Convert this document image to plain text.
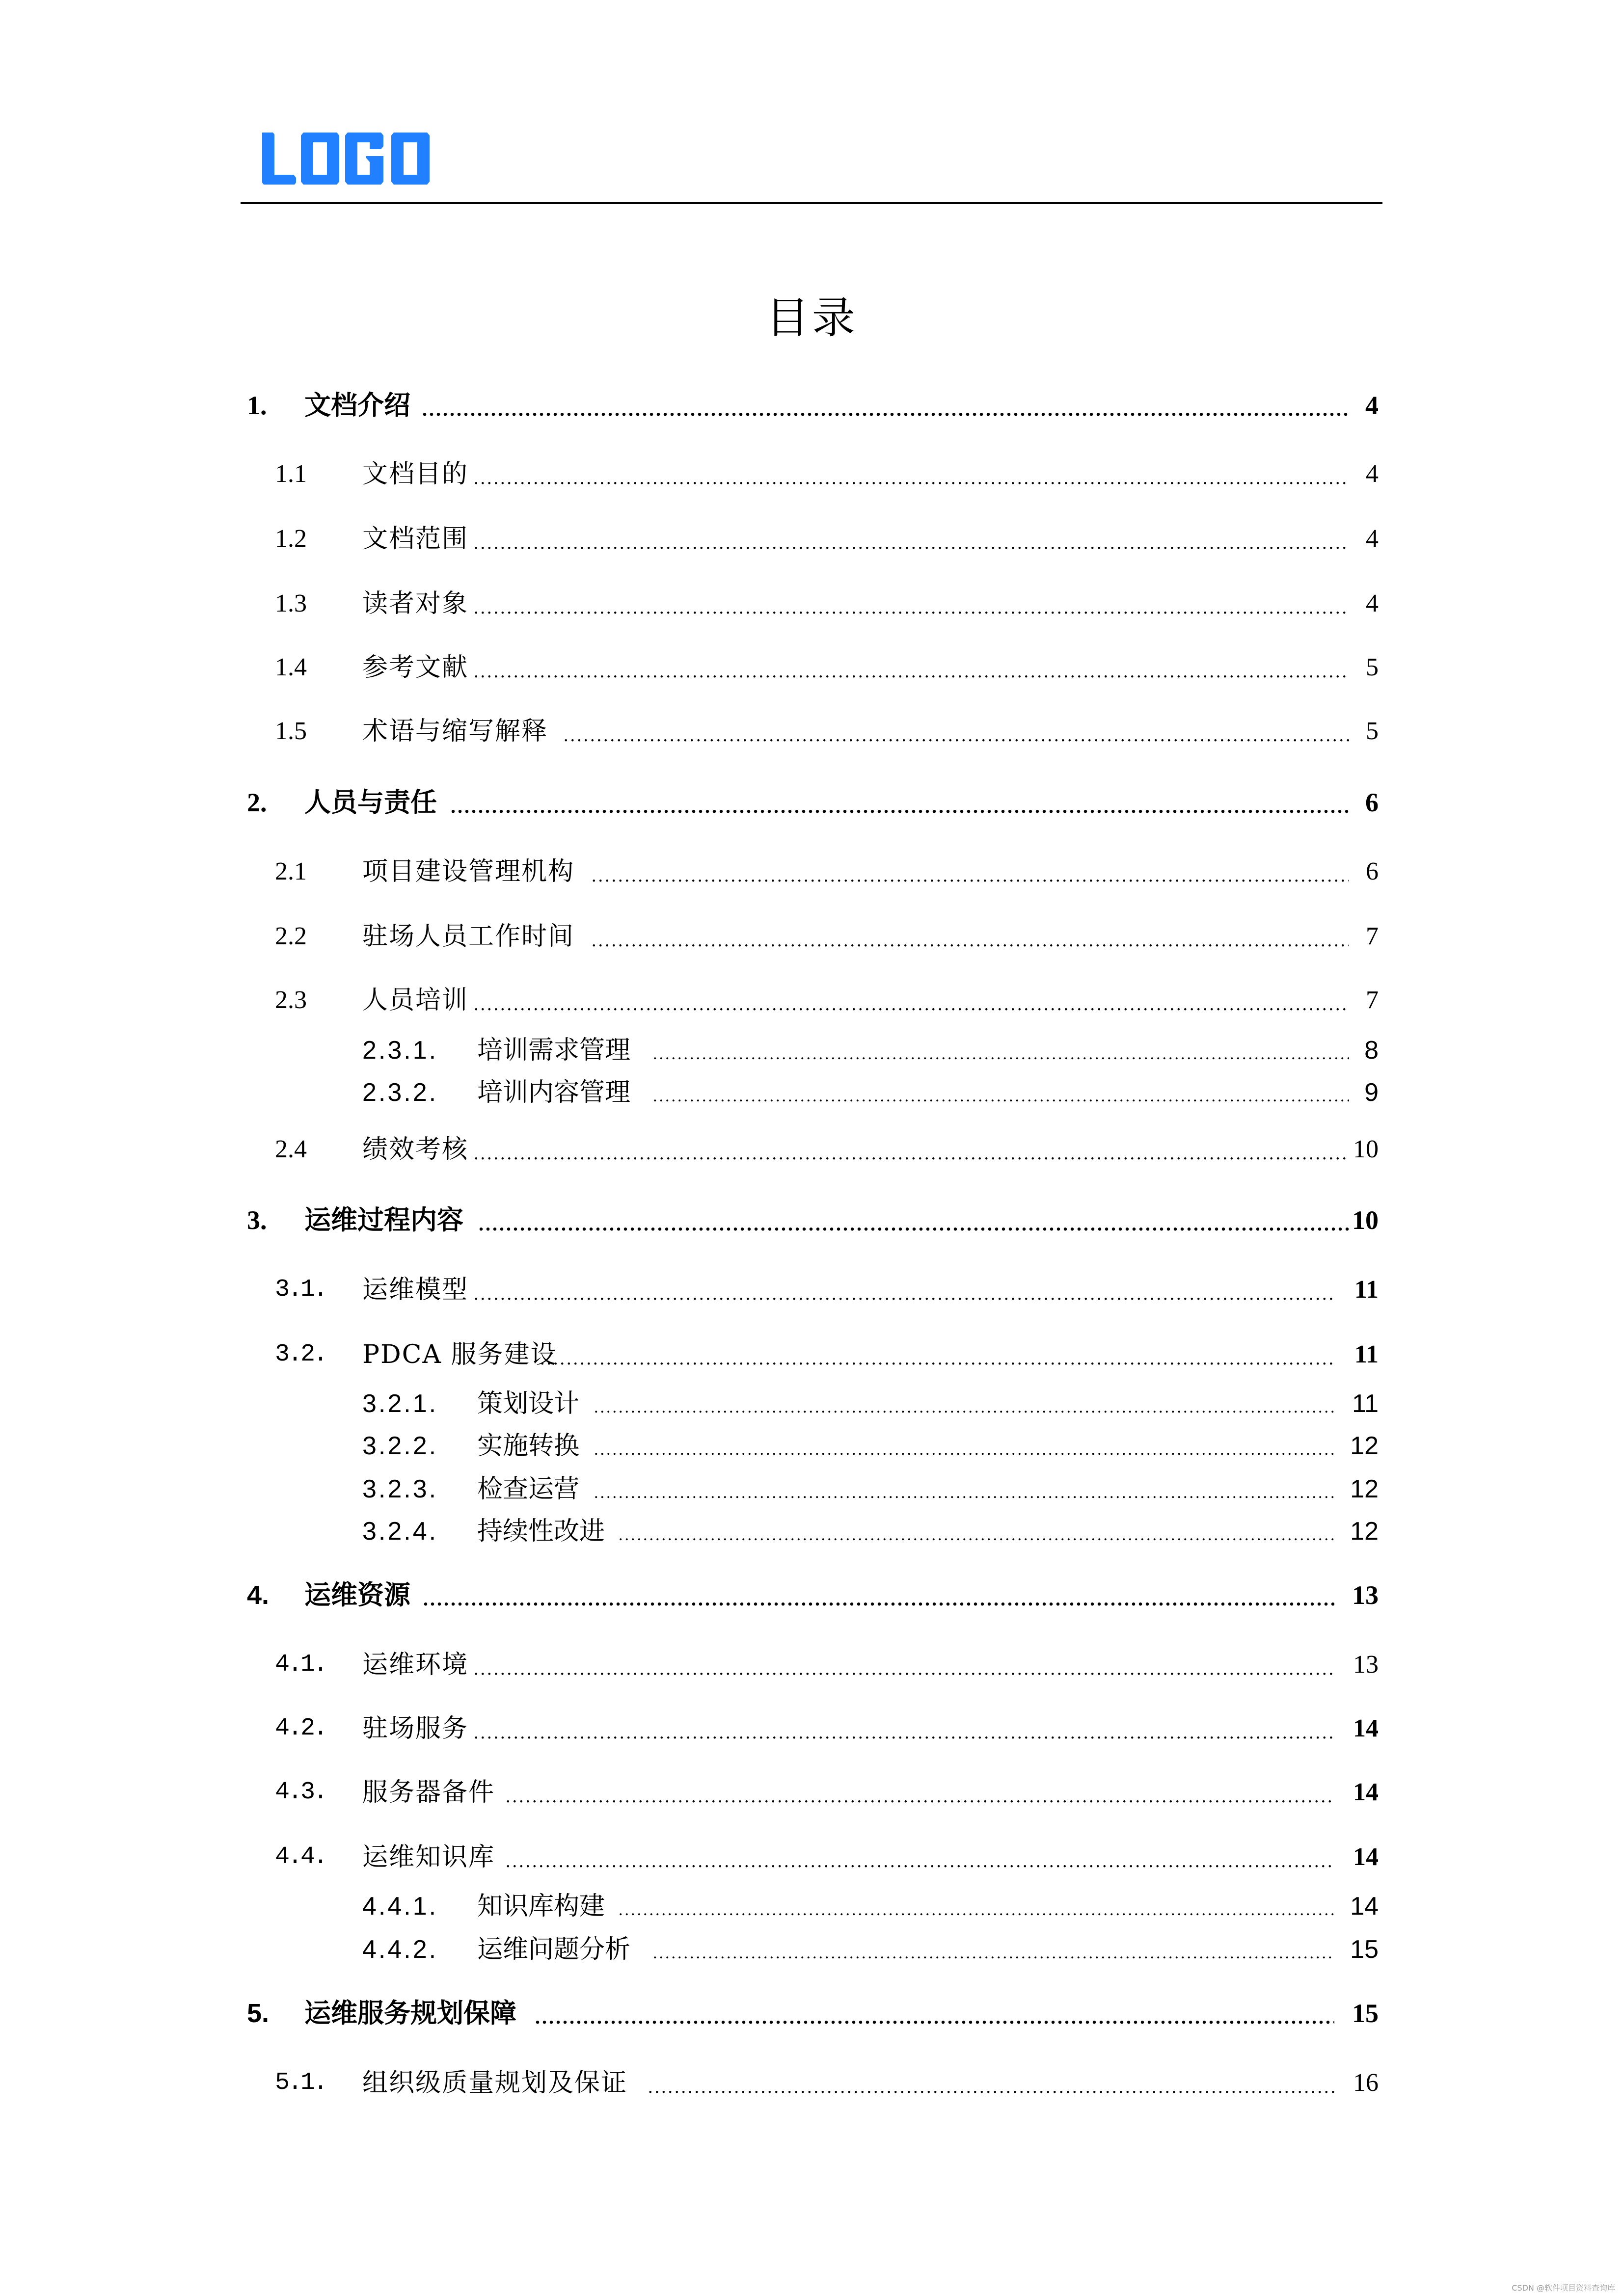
目录
1. 文档介绍 .....	4
1.1 文档目的 .....	4
1.2 文档范围 .....	4
1.3 读者对象 .....	4
1.4 参考文献 .....	5
1.5 术语与缩写解释 .....	5
2. 人员与责任 .....	6
2.1 项目建设管理机构 .....	6
2.2 驻场人员工作时间 .....	7
2.3 人员培训 .....	7
2.3.1. 培训需求管理 .....	8
2.3.2. 培训内容管理 .....	9
2.4 绩效考核 .....	10
3. 运维过程内容 .....	10
3.1. 运维模型 .....	11
3.2. PDCA 服务建设 .....	11
3.2.1. 策划设计 .....	11
3.2.2. 实施转换 .....	12
3.2.3. 检查运营 .....	12
3.2.4. 持续性改进 .....	12
4. 运维资源 .....	13
4.1. 运维环境 .....	13
4.2. 驻场服务 .....	14
4.3. 服务器备件 .....	14
4.4. 运维知识库 .....	14
4.4.1. 知识库构建 .....	14
4.4.2. 运维问题分析 .....	15
5. 运维服务规划保障 .....	15
5.1. 组织级质量规划及保证 .....	16
CSDN @软件项目资料查询库
